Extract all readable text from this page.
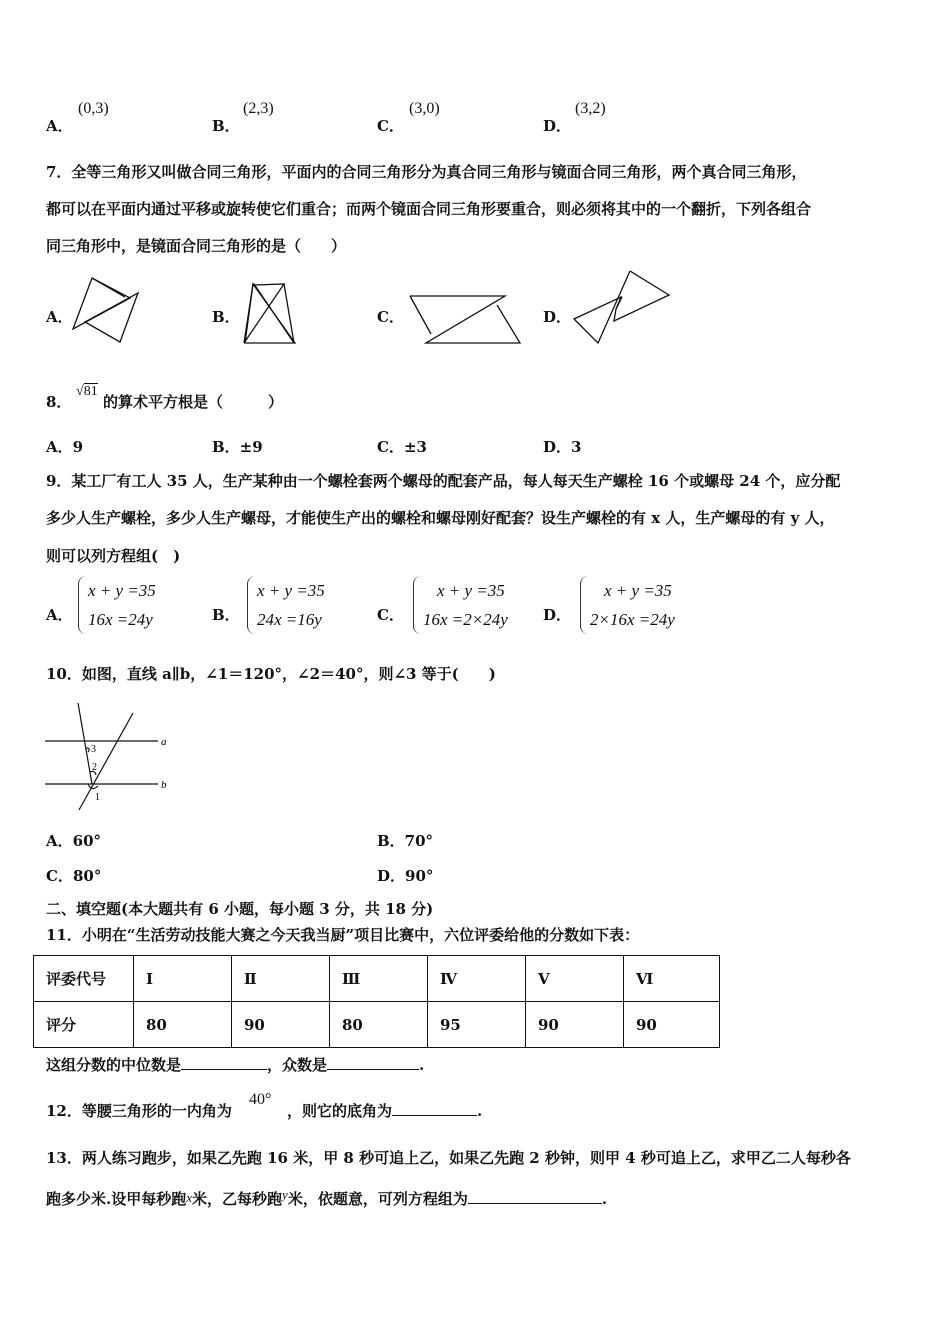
A．
(0,3)
B．
(2,3)
C．
(3,0)
D．
(3,2)
7．全等三角形又叫做合同三角形，平面内的合同三角形分为真合同三角形与镜面合同三角形，两个真合同三角形，
都可以在平面内通过平移或旋转使它们重合；而两个镜面合同三角形要重合，则必须将其中的一个翻折，下列各组合
同三角形中，是镜面合同三角形的是（　　）
A．	B．	C．	D．
8．
√81
的算术平方根是（　　　）
A．9	B．±9	C．±3	D．3
9．某工厂有工人 35 人，生产某种由一个螺栓套两个螺母的配套产品，每人每天生产螺栓 16 个或螺母 24 个，应分配
多少人生产螺栓，多少人生产螺母，才能使生产出的螺栓和螺母刚好配套？设生产螺栓的有 x 人，生产螺母的有 y 人，
则可以列方程组(　)
A．
x + y =35
16x =24y	B．
x + y =35
24x =16y	C．
x + y =35
16x =2×24y D．
x + y =35
2×16x =24y
10．如图，直线 a∥b，∠1＝120°，∠2＝40°，则∠3 等于(　　)
a
b
3
2
1
A．60°	B．70°
C．80°	D．90°
二、填空题(本大题共有 6 小题，每小题 3 分，共 18 分)
11．小明在“生活劳动技能大赛之今天我当厨”项目比赛中，六位评委给他的分数如下表：
评委代号	Ⅰ	Ⅱ	Ⅲ	Ⅳ	Ⅴ	Ⅵ
评分	80	90	80	95	90	90
这组分数的中位数是	，众数是	.
12．等腰三角形的一内角为
40°
，则它的底角为	.
13．两人练习跑步，如果乙先跑 16 米，甲 8 秒可追上乙，如果乙先跑 2 秒钟，则甲 4 秒可追上乙，求甲乙二人每秒各
跑多少米.设甲每秒跑x米，乙每秒跑y米，依题意，可列方程组为	.
